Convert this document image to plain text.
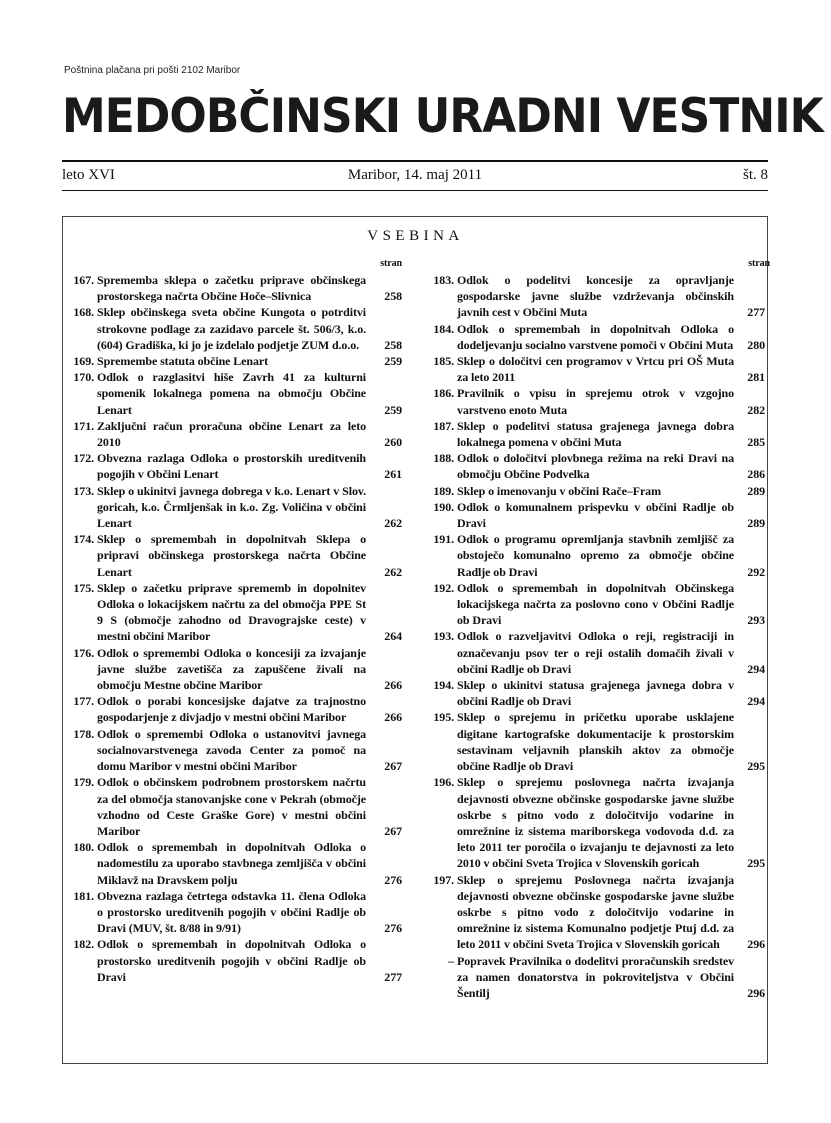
Poštnina plačana pri pošti 2102 Maribor
MEDOBČINSKI URADNI VESTNIK
leto XVI	Maribor, 14. maj 2011	št. 8
VSEBINA
stran
167. Sprememba sklepa o začetku priprave občinskega prostorskega načrta Občine Hoče–Slivnica	258
168. Sklep občinskega sveta občine Kungota o potrditvi strokovne podlage za zazidavo parcele št. 506/3, k.o. (604) Gradiška, ki jo je izdelalo podjetje ZUM d.o.o.	258
169. Spremembe statuta občine Lenart	259
170. Odlok o razglasitvi hiše Zavrh 41 za kulturni spomenik lokalnega pomena na območju Občine Lenart	259
171. Zaključni račun proračuna občine Lenart za leto 2010	260
172. Obvezna razlaga Odloka o prostorskih ureditvenih pogojih v Občini Lenart	261
173. Sklep o ukinitvi javnega dobrega v k.o. Lenart v Slov. goricah, k.o. Črmljenšak in k.o. Zg. Voličina v občini Lenart	262
174. Sklep o spremembah in dopolnitvah Sklepa o pripravi občinskega prostorskega načrta Občine Lenart	262
175. Sklep o začetku priprave sprememb in dopolnitev Odloka o lokacijskem načrtu za del območja PPE St 9 S (območje zahodno od Dravograjske ceste) v mestni občini Maribor	264
176. Odlok o spremembi Odloka o koncesiji za izvajanje javne službe zavetišča za zapuščene živali na območju Mestne občine Maribor	266
177. Odlok o porabi koncesijske dajatve za trajnostno gospodarjenje z divjadjo v mestni občini Maribor	266
178. Odlok o spremembi Odloka o ustanovitvi javnega socialnovarstvenega zavoda Center za pomoč na domu Maribor v mestni občini Maribor	267
179. Odlok o občinskem podrobnem prostorskem načrtu za del območja stanovanjske cone v Pekrah (območje vzhodno od Ceste Graške Gore) v mestni občini Maribor	267
180. Odlok o spremembah in dopolnitvah Odloka o nadomestilu za uporabo stavbnega zemljišča v občini Miklavž na Dravskem polju	276
181. Obvezna razlaga četrtega odstavka 11. člena Odloka o prostorsko ureditvenih pogojih v občini Radlje ob Dravi (MUV, št. 8/88 in 9/91)	276
182. Odlok o spremembah in dopolnitvah Odloka o prostorsko ureditvenih pogojih v občini Radlje ob Dravi	277
stran
183. Odlok o podelitvi koncesije za opravljanje gospodarske javne službe vzdrževanja občinskih javnih cest v Občini Muta	277
184. Odlok o spremembah in dopolnitvah Odloka o dodeljevanju socialno varstvene pomoči v Občini Muta	280
185. Sklep o določitvi cen programov v Vrtcu pri OŠ Muta za leto 2011	281
186. Pravilnik o vpisu in sprejemu otrok v vzgojno varstveno enoto Muta	282
187. Sklep o podelitvi statusa grajenega javnega dobra lokalnega pomena v občini Muta	285
188. Odlok o določitvi plovbnega režima na reki Dravi na območju Občine Podvelka	286
189. Sklep o imenovanju v občini Rače–Fram	289
190. Odlok o komunalnem prispevku v občini Radlje ob Dravi	289
191. Odlok o programu opremljanja stavbnih zemljišč za obstoječo komunalno opremo za območje občine Radlje ob Dravi	292
192. Odlok o spremembah in dopolnitvah Občinskega lokacijskega načrta za poslovno cono v Občini Radlje ob Dravi	293
193. Odlok o razveljavitvi Odloka o reji, registraciji in označevanju psov ter o reji ostalih domačih živali v občini Radlje ob Dravi	294
194. Sklep o ukinitvi statusa grajenega javnega dobra v občini Radlje ob Dravi	294
195. Sklep o sprejemu in pričetku uporabe usklajene digitane kartografske dokumentacije k prostorskim sestavinam veljavnih planskih aktov za območje občine Radlje ob Dravi	295
196. Sklep o sprejemu poslovnega načrta izvajanja dejavnosti obvezne občinske gospodarske javne službe oskrbe s pitno vodo z določitvijo vodarine in omrežnine iz sistema mariborskega vodovoda d.d. za leto 2011 ter poročila o izvajanju te dejavnosti za leto 2010 v občini Sveta Trojica v Slovenskih goricah	295
197. Sklep o sprejemu Poslovnega načrta izvajanja dejavnosti obvezne občinske gospodarske javne službe oskrbe s pitno vodo z določitvijo vodarine in omrežnine iz sistema Komunalno podjetje Ptuj d.d. za leto 2011 v občini Sveta Trojica v Slovenskih goricah	296
– Popravek Pravilnika o dodelitvi proračunskih sredstev za namen donatorstva in pokroviteljstva v Občini Šentilj	296
